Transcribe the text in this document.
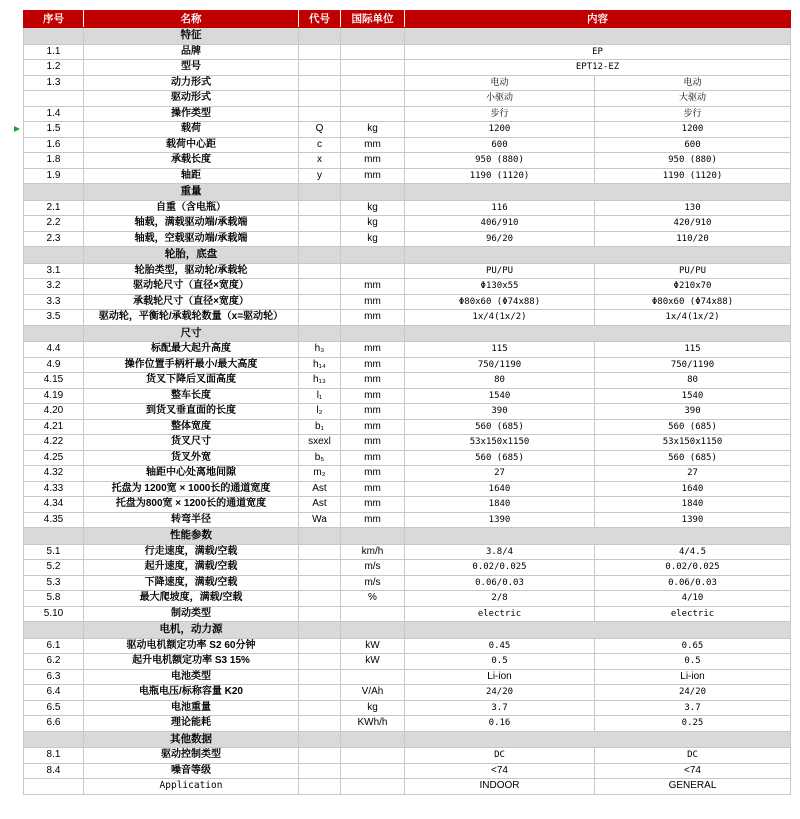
序号	名称	代号	国际单位	内容	
	特征				
1.1	品牌			EP	
1.2	型号			EPT12-EZ	
1.3	动力形式			电动	电动
	驱动形式			小驱动	大驱动
1.4	操作类型			步行	步行
1.5	载荷	Q	kg	1200	1200
1.6	载荷中心距	c	mm	600	600
1.8	承载长度	x	mm	950 (880)	950 (880)
1.9	轴距	y	mm	1190 (1120)	1190 (1120)
	重量				
2.1	自重（含电瓶）		kg	116	130
2.2	轴载，满载驱动端/承载端		kg	406/910	420/910
2.3	轴载，空载驱动端/承载端		kg	96/20	110/20
	轮胎，底盘				
3.1	轮胎类型，驱动轮/承载轮			PU/PU	PU/PU
3.2	驱动轮尺寸（直径×宽度）		mm	Φ130x55	Φ210x70
3.3	承载轮尺寸（直径×宽度）		mm	Φ80x60 (Φ74x88)	Φ80x60 (Φ74x88)
3.5	驱动轮，平衡轮/承载轮数量（x=驱动轮）		mm	1x/4(1x/2)	1x/4(1x/2)
	尺寸				
4.4	标配最大起升高度	h₃	mm	115	115
4.9	操作位置手柄杆最小/最大高度	h₁₄	mm	750/1190	750/1190
4.15	货叉下降后叉面高度	h₁₃	mm	80	80
4.19	整车长度	l₁	mm	1540	1540
4.20	到货叉垂直面的长度	l₂	mm	390	390
4.21	整体宽度	b₁	mm	560 (685)	560 (685)
4.22	货叉尺寸	sxexl	mm	53x150x1150	53x150x1150
4.25	货叉外宽	b₅	mm	560 (685)	560 (685)
4.32	轴距中心处离地间隙	m₂	mm	27	27
4.33	托盘为 1200宽 × 1000长的通道宽度	Ast	mm	1640	1640
4.34	托盘为800宽 × 1200长的通道宽度	Ast	mm	1840	1840
4.35	转弯半径	Wa	mm	1390	1390
	性能参数				
5.1	行走速度，满载/空载		km/h	3.8/4	4/4.5
5.2	起升速度，满载/空载		m/s	0.02/0.025	0.02/0.025
5.3	下降速度，满载/空载		m/s	0.06/0.03	0.06/0.03
5.8	最大爬坡度，满载/空载		%	2/8	4/10
5.10	制动类型			electric	electric
	电机，动力源				
6.1	驱动电机额定功率 S2 60分钟		kW	0.45	0.65
6.2	起升电机额定功率 S3 15%		kW	0.5	0.5
6.3	电池类型			Li-ion	Li-ion
6.4	电瓶电压/标称容量 K20		V/Ah	24/20	24/20
6.5	电池重量		kg	3.7	3.7
6.6	理论能耗		KWh/h	0.16	0.25
	其他数据				
8.1	驱动控制类型			DC	DC
8.4	噪音等级			<74	<74
	Application			INDOOR	GENERAL
